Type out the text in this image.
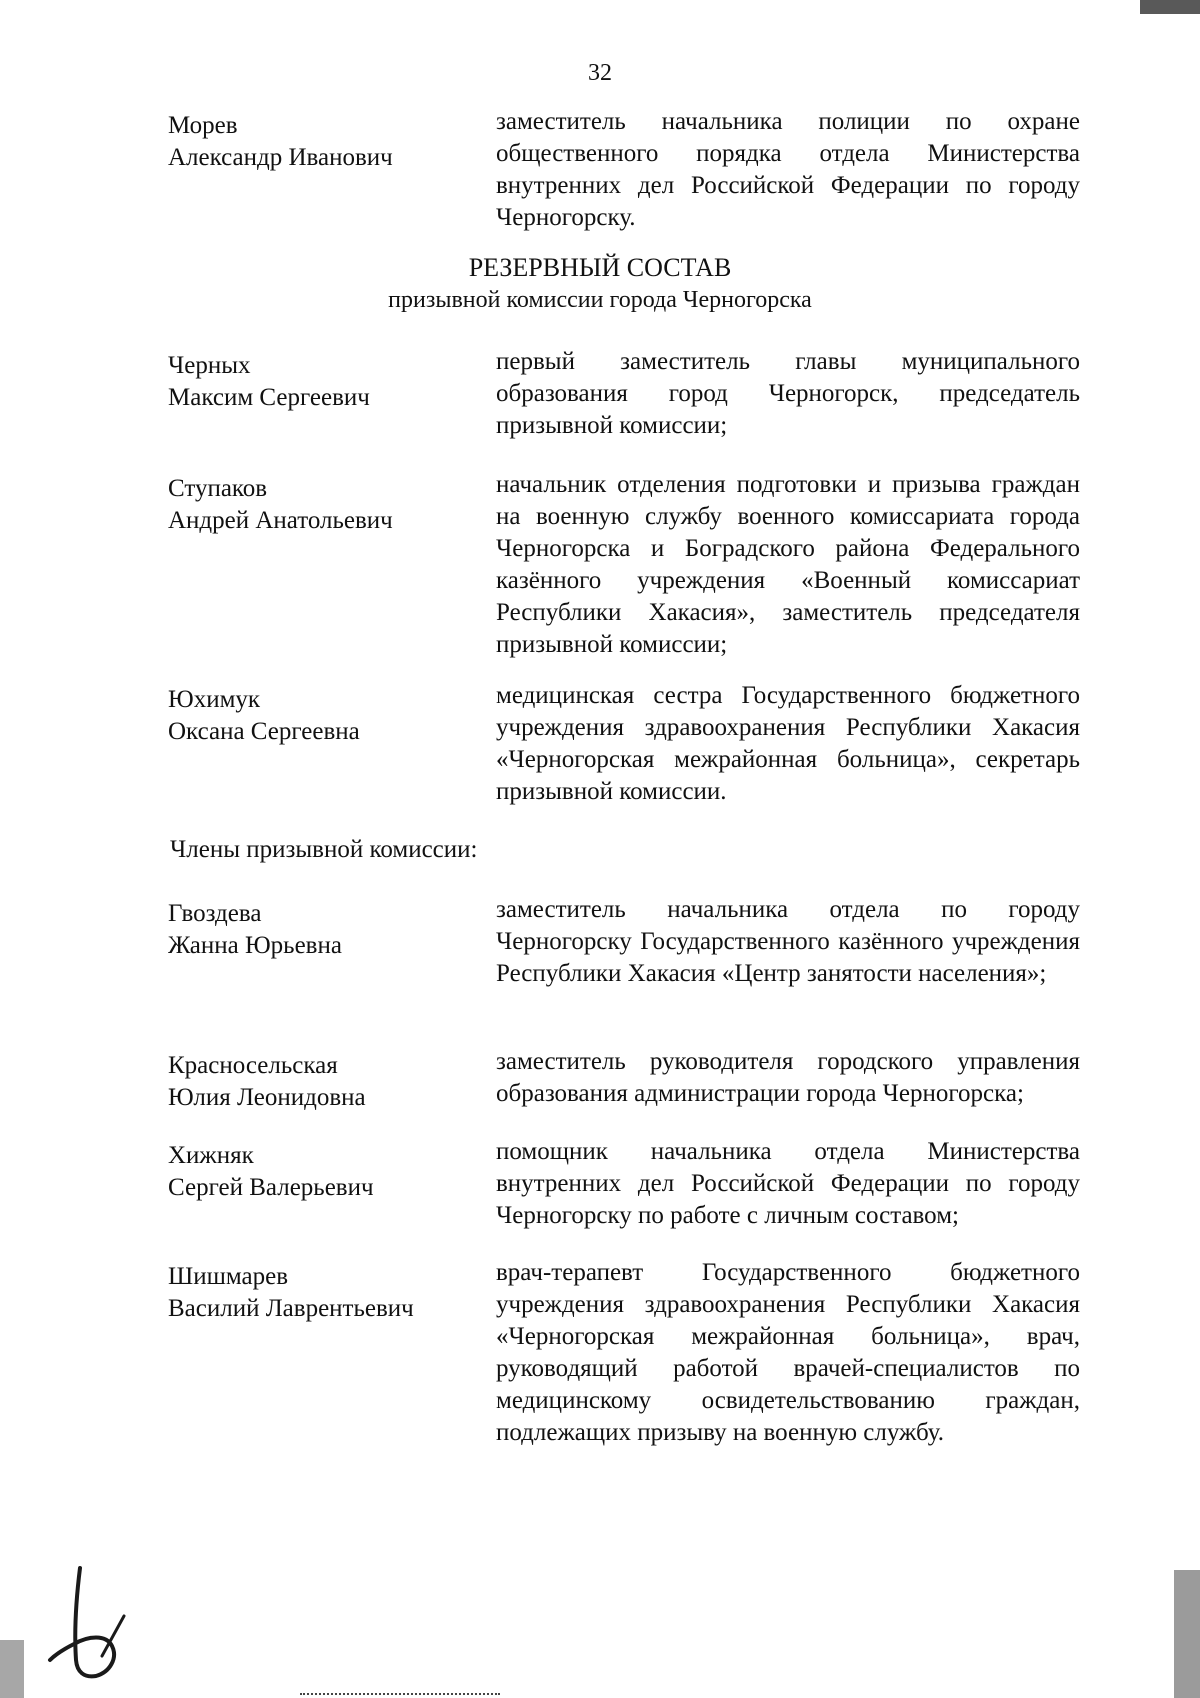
32
Морев
Александр Иванович
заместитель начальника полиции по охране общественного порядка отдела Министерства внутренних дел Российской Федерации по городу Черногорску.
РЕЗЕРВНЫЙ СОСТАВ
призывной комиссии города Черногорска
Черных
Максим Сергеевич
первый заместитель главы муниципального образования город Черногорск, председатель призывной комиссии;
Ступаков
Андрей Анатольевич
начальник отделения подготовки и призыва граждан на военную службу военного комиссариата города Черногорска и Боградского района Федерального казённого учреждения «Военный комиссариат Республики Хакасия», заместитель председателя призывной комиссии;
Юхимук
Оксана Сергеевна
медицинская сестра Государственного бюджетного учреждения здравоохранения Республики Хакасия «Черногорская межрайонная больница», секретарь призывной комиссии.
Члены призывной комиссии:
Гвоздева
Жанна Юрьевна
заместитель начальника отдела по городу Черногорску Государственного казённого учреждения Республики Хакасия «Центр занятости населения»;
Красносельская
Юлия Леонидовна
заместитель руководителя городского управления образования администрации города Черногорска;
Хижняк
Сергей Валерьевич
помощник начальника отдела Министерства внутренних дел Российской Федерации по городу Черногорску по работе с личным составом;
Шишмарев
Василий Лаврентьевич
врач-терапевт Государственного бюджетного учреждения здравоохранения Республики Хакасия «Черногорская межрайонная больница», врач, руководящий работой врачей-специалистов по медицинскому освидетельствованию граждан, подлежащих призыву на военную службу.
